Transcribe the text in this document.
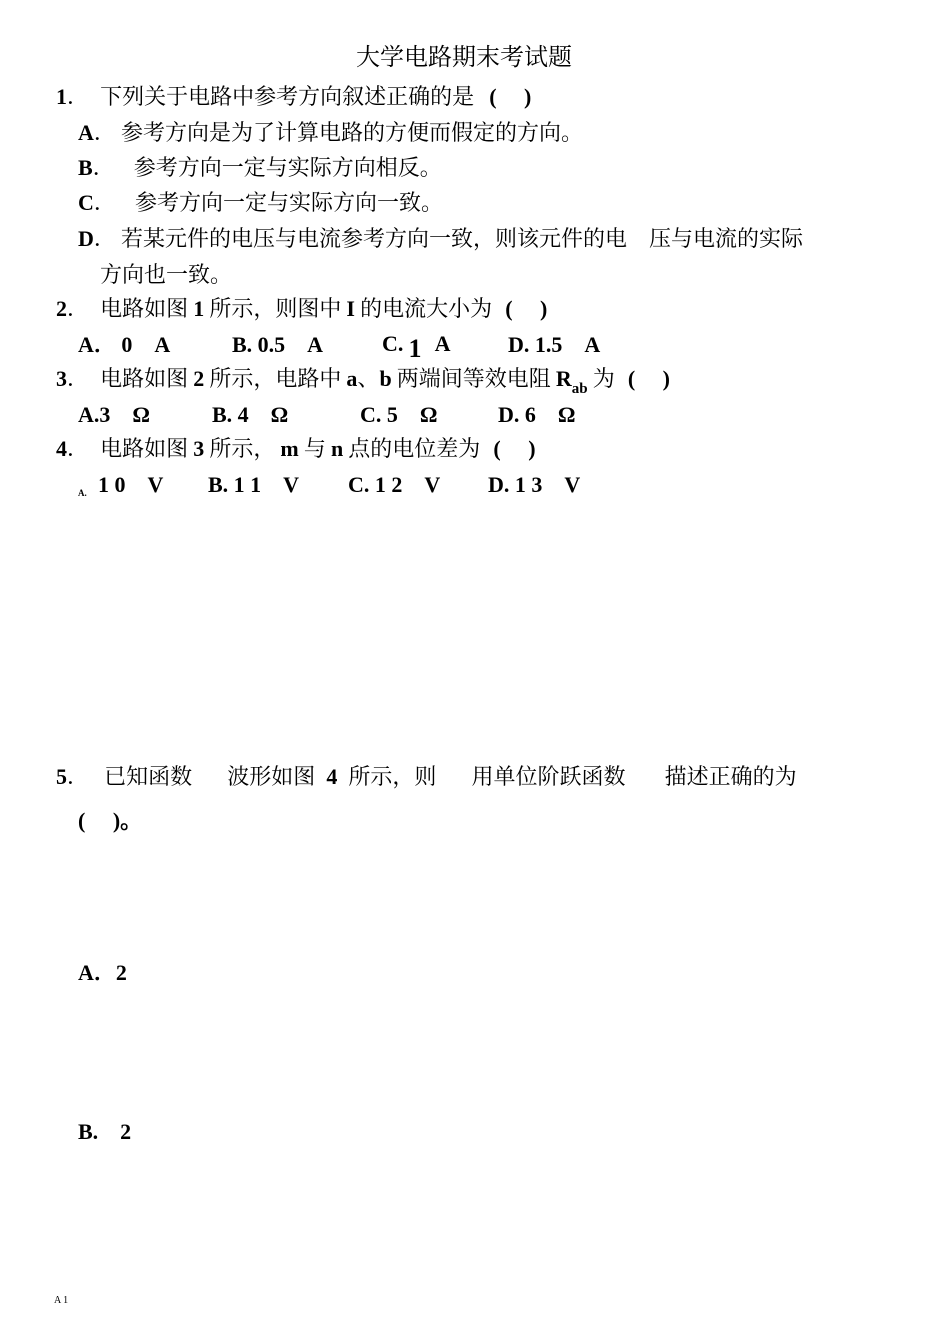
大学电路期末考试题
1． 下列关于电路中参考方向叙述正确的是 (　 )
A． 参考方向是为了计算电路的方便而假定的方向。
B． 参考方向一定与实际方向相反。
C． 参考方向一定与实际方向一致。
D． 若某元件的电压与电流参考方向一致，则该元件的电　压与电流的实际
方向也一致。
2． 电路如图 1 所示，则图中 I 的电流大小为 (　 )
A． 0　A	B. 0.5　A	C. 1 A	D. 1.5　A
3． 电路如图 2 所示，电路中 a、b 两端间等效电阻 Rab 为 (　 )
A.3　Ω	B. 4　Ω	C. 5　Ω	D. 6　Ω
4． 电路如图 3 所示， m 与 n 点的电位差为 (　 )
A. 1 0　V B. 1 1　V C. 1 2　V D. 1 3　V
5． 已知函数 波形如图 4 所示，则 用单位阶跃函数 描述正确的为
(　 )。
A．2
B.　2
A 1
